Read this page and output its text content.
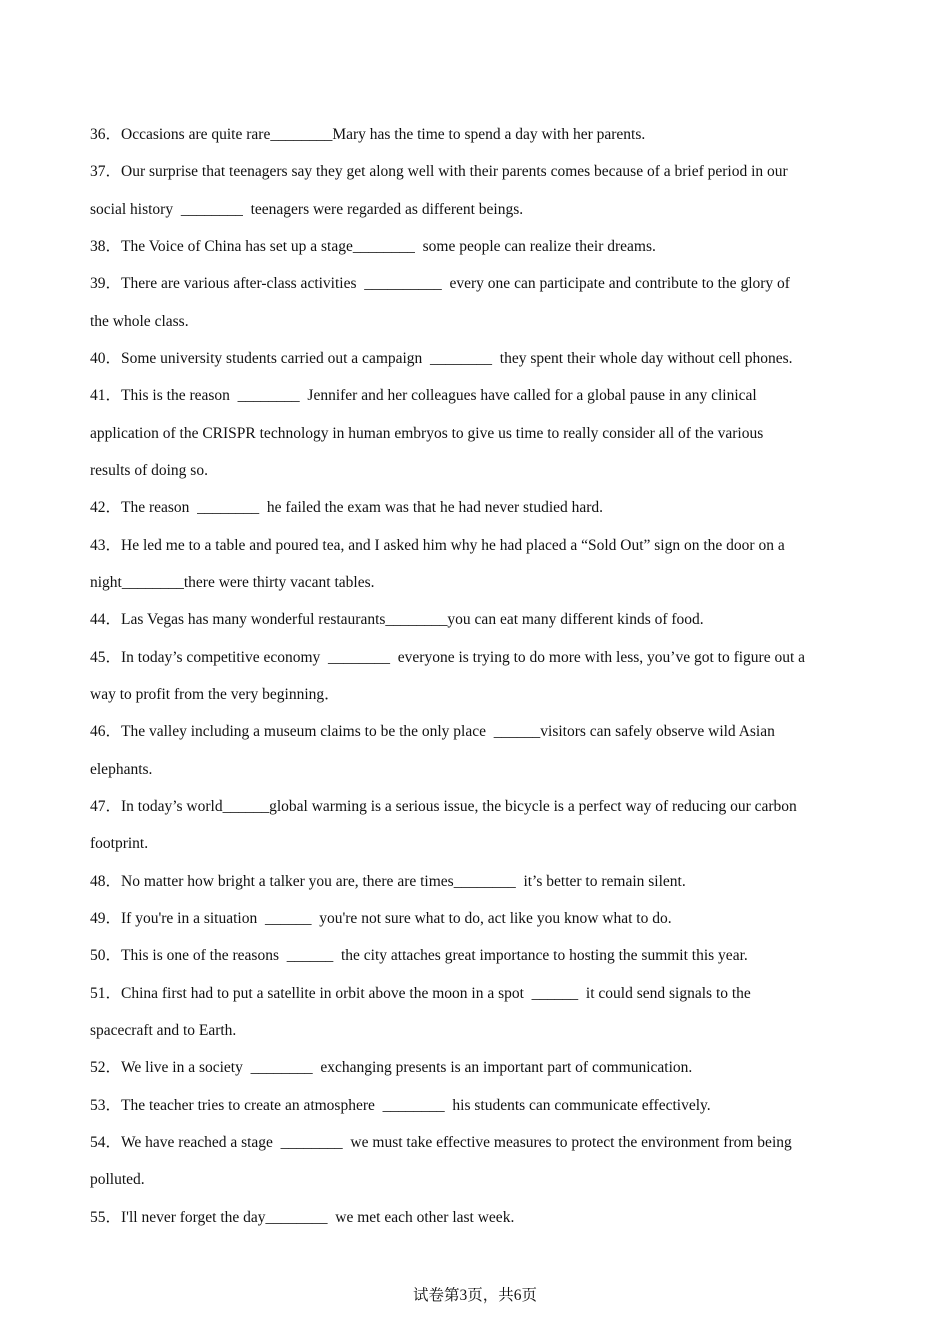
36．Occasions are quite rare________Mary has the time to spend a day with her parents.
37．Our surprise that teenagers say they get along well with their parents comes because of a brief period in our
social history  ________  teenagers were regarded as different beings.
38．The Voice of China has set up a stage________  some people can realize their dreams.
39．There are various after-class activities  __________  every one can participate and contribute to the glory of
the whole class.
40．Some university students carried out a campaign  ________  they spent their whole day without cell phones.
41．This is the reason  ________  Jennifer and her colleagues have called for a global pause in any clinical
application of the CRISPR technology in human embryos to give us time to really consider all of the various
results of doing so.
42．The reason  ________  he failed the exam was that he had never studied hard.
43．He led me to a table and poured tea, and I asked him why he had placed a “Sold Out” sign on the door on a
night________there were thirty vacant tables.
44．Las Vegas has many wonderful restaurants________you can eat many different kinds of food.
45．In today’s competitive economy  ________  everyone is trying to do more with less, you’ve got to figure out a
way to profit from the very beginning．
46．The valley including a museum claims to be the only place  ______visitors can safely observe wild Asian
elephants.
47．In today’s world______global warming is a serious issue, the bicycle is a perfect way of reducing our carbon
footprint.
48．No matter how bright a talker you are, there are times________  it’s better to remain silent.
49．If you're in a situation  ______  you're not sure what to do, act like you know what to do.
50．This is one of the reasons  ______  the city attaches great importance to hosting the summit this year.
51．China first had to put a satellite in orbit above the moon in a spot  ______  it could send signals to the
spacecraft and to Earth.
52．We live in a society  ________  exchanging presents is an important part of communication.
53．The teacher tries to create an atmosphere  ________  his students can communicate effectively.
54．We have reached a stage  ________  we must take effective measures to protect the environment from being
polluted.
55．I'll never forget the day________  we met each other last week.
试卷第3页，共6页
